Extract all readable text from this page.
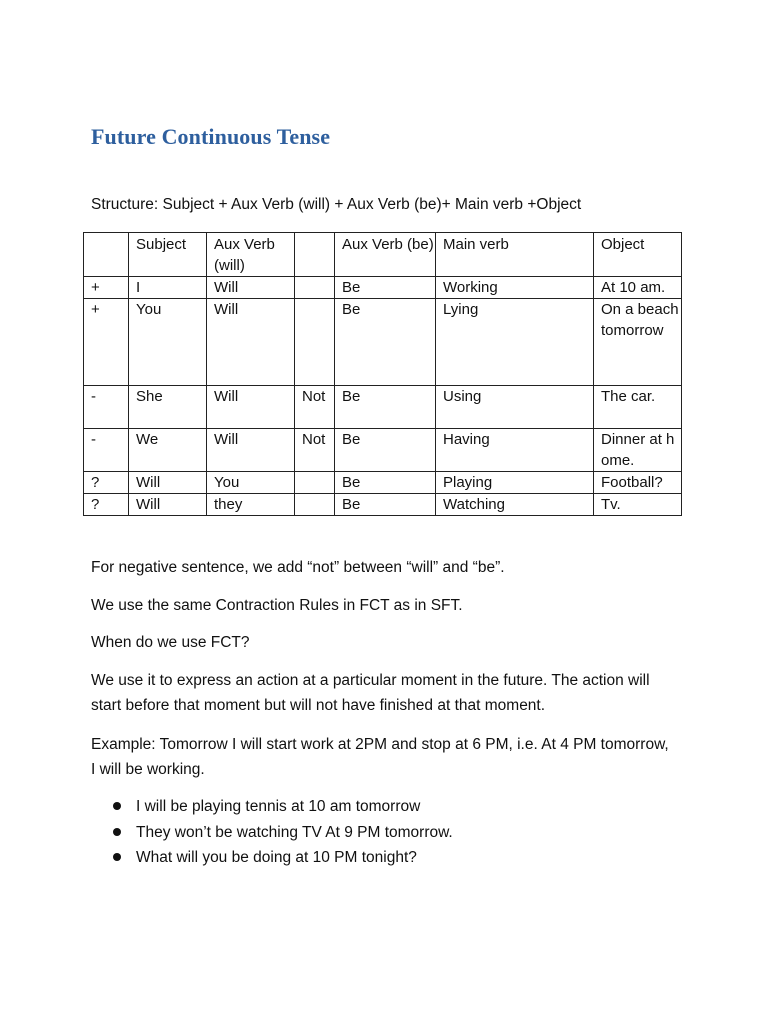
Future Continuous Tense
Structure: Subject + Aux Verb (will) + Aux Verb (be)+ Main verb +Object
	Subject	Aux Verb (will)		Aux Verb (be)	Main verb	Object
+	I	Will		Be	Working	At 10 am.
+	You	Will		Be	Lying	On a beach tomorrow
-	She	Will	Not	Be	Using	The car.
-	We	Will	Not	Be	Having	Dinner at home.
?	Will	You		Be	Playing	Football?
?	Will	they		Be	Watching	Tv.

For negative sentence, we add “not” between “will” and “be”.

We use the same Contraction Rules in FCT as in SFT.

When do we use FCT?

We use it to express an action at a particular moment in the future. The action will start before that moment but will not have finished at that moment.

Example: Tomorrow I will start work at 2PM and stop at 6 PM, i.e. At 4 PM tomorrow, I will be working.

I will be playing tennis at 10 am tomorrow
They won’t be watching TV At 9 PM tomorrow.
What will you be doing at 10 PM tonight?
